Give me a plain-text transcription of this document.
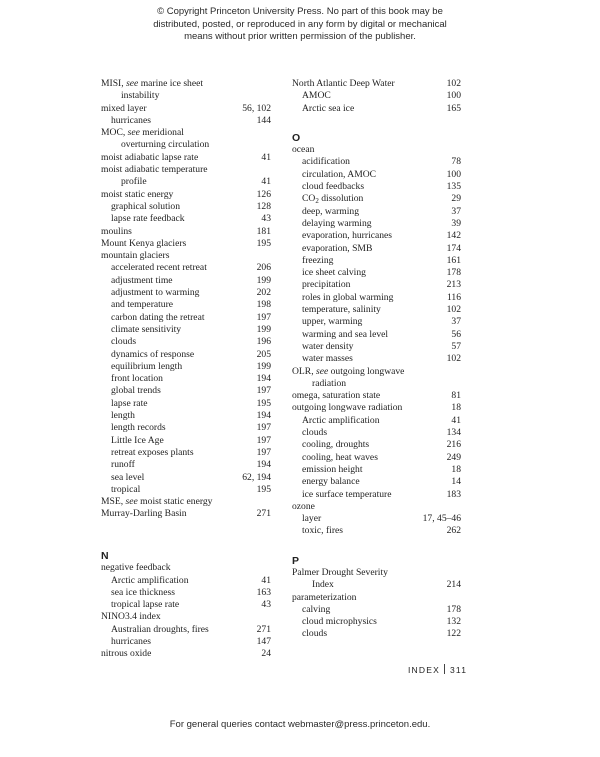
© Copyright Princeton University Press. No part of this book may be
distributed, posted, or reproduced in any form by digital or mechanical
means without prior written permission of the publisher.
MISI, see marine ice sheet
instability
mixed layer	56, 102
hurricanes	144
MOC, see meridional
overturning circulation
moist adiabatic lapse rate	41
moist adiabatic temperature
profile	41
moist static energy	126
graphical solution	128
lapse rate feedback	43
moulins	181
Mount Kenya glaciers	195
mountain glaciers
accelerated recent retreat	206
adjustment time	199
adjustment to warming	202
and temperature	198
carbon dating the retreat	197
climate sensitivity	199
clouds	196
dynamics of response	205
equilibrium length	199
front location	194
global trends	197
lapse rate	195
length	194
length records	197
Little Ice Age	197
retreat exposes plants	197
runoff	194
sea level	62, 194
tropical	195
MSE, see moist static energy
Murray-Darling Basin	271
N
negative feedback
Arctic amplification	41
sea ice thickness	163
tropical lapse rate	43
NINO3.4 index
Australian droughts, fires	271
hurricanes	147
nitrous oxide	24
North Atlantic Deep Water	102
AMOC	100
Arctic sea ice	165
O
ocean
acidification	78
circulation, AMOC	100
cloud feedbacks	135
$CO_2$ dissolution	29
deep, warming	37
delaying warming	39
evaporation, hurricanes	142
evaporation, SMB	174
freezing	161
ice sheet calving	178
precipitation	213
roles in global warming	116
temperature, salinity	102
upper, warming	37
warming and sea level	56
water density	57
water masses	102
OLR, see outgoing longwave
radiation
omega, saturation state	81
outgoing longwave radiation	18
Arctic amplification	41
clouds	134
cooling, droughts	216
cooling, heat waves	249
emission height	18
energy balance	14
ice surface temperature	183
ozone
layer	17, 45–46
toxic, fires	262
P
Palmer Drought Severity
Index	214
parameterization
calving	178
cloud microphysics	132
clouds	122
INDEX 311
For general queries contact webmaster@press.princeton.edu.
